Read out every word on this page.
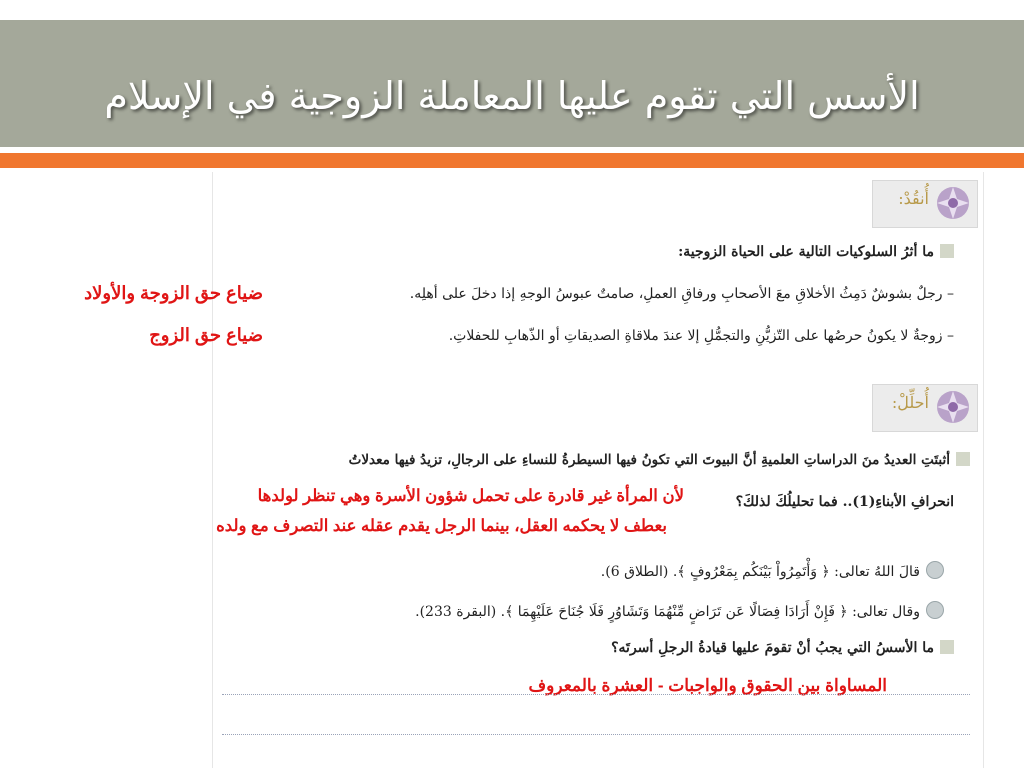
الأسس التي تقوم عليها المعاملة الزوجية في الإسلام
أُنقُدْ:
ما أثرُ السلوكيات التالية على الحياة الزوجية:
– رجلٌ بشوشٌ دَمِثُ الأخلاقِ معَ الأصحابِ ورفاقِ العملِ، صامتٌ عبوسُ الوجهِ إذا دخلَ على أهلِه.
ضياع حق الزوجة والأولاد
– زوجةٌ لا يكونُ حرصُها على التّزيُّنِ والتجمُّلِ إلا عندَ ملاقاةِ الصديقاتِ أو الذّهابِ للحفلاتِ.
ضياع حق الزوج
أُحلِّلْ:
أثبتَتِ العديدُ منَ الدراساتِ العلميةِ أنَّ البيوتَ التي تكونُ فيها السيطرةُ للنساءِ على الرجالِ، تزيدُ فيها معدلاتُ
انحرافِ الأبناءِ(1).. فما تحليلُكَ لذلكَ؟
لأن المرأة غير قادرة على تحمل شؤون الأسرة وهي تنظر لولدها
بعطف لا يحكمه العقل، بينما الرجل يقدم عقله عند التصرف مع ولده
قالَ اللهُ تعالى: ﴿ وَأْتَمِرُواْ بَيْنَكُم بِمَعْرُوفٍ ﴾. (الطلاق 6).
وقال تعالى: ﴿ فَإِنْ أَرَادَا فِصَالًا عَن تَرَاضٍ مِّنْهُمَا وَتَشَاوُرٍ فَلَا جُنَاحَ عَلَيْهِمَا ﴾. (البقرة 233).
ما الأسسُ التي يجبُ أنْ تقومَ عليها قيادةُ الرجلِ أسرتَه؟
المساواة بين الحقوق والواجبات - العشرة بالمعروف
